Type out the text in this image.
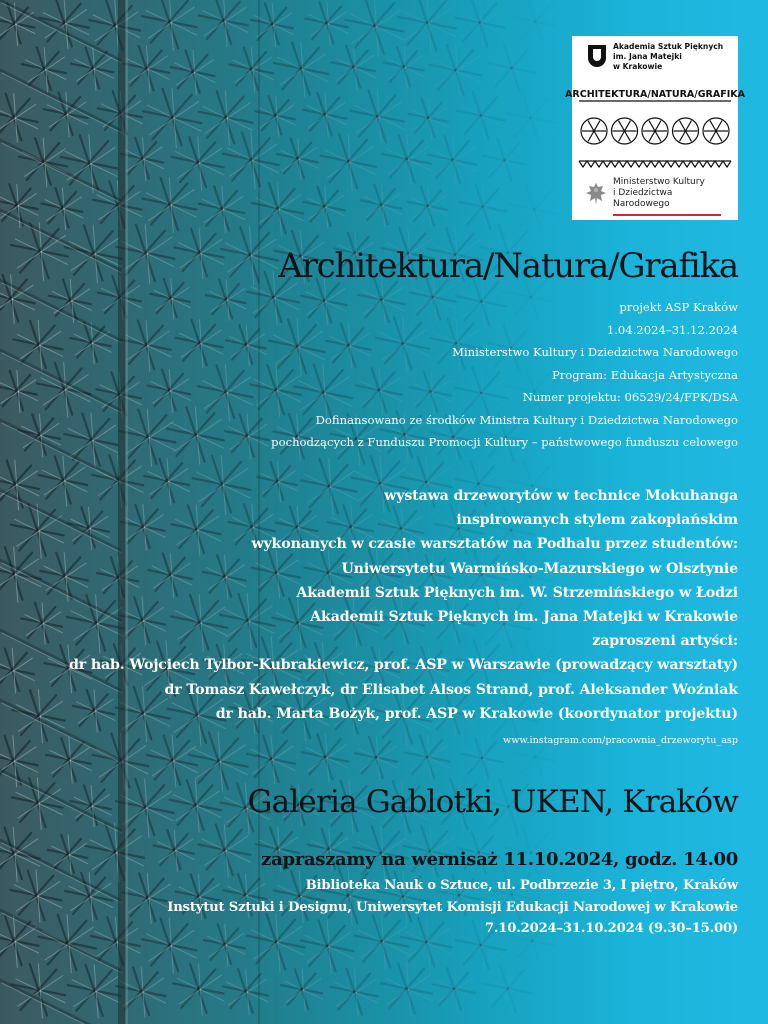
Akademia Sztuk Pięknych
im. Jana Matejki
w Krakowie
ARCHITEKTURA/NATURA/GRAFIKA
Ministerstwo Kultury
i Dziedzictwa Narodowego
Architektura/Natura/Grafika
projekt ASP Kraków
1.04.2024–31.12.2024
Ministerstwo Kultury i Dziedzictwa Narodowego
Program: Edukacja Artystyczna
Numer projektu: 06529/24/FPK/DSA
Dofinansowano ze środków Ministra Kultury i Dziedzictwa Narodowego
pochodzących z Funduszu Promocji Kultury – państwowego funduszu celowego
wystawa drzeworytów w technice Mokuhanga
inspirowanych stylem zakopiańskim
wykonanych w czasie warsztatów na Podhalu przez studentów:
Uniwersytetu Warmińsko-Mazurskiego w Olsztynie
Akademii Sztuk Pięknych im. W. Strzemińskiego w Łodzi
Akademii Sztuk Pięknych im. Jana Matejki w Krakowie
zaproszeni artyści:
dr hab. Wojciech Tylbor-Kubrakiewicz, prof. ASP w Warszawie (prowadzący warsztaty)
dr Tomasz Kawełczyk, dr Elisabet Alsos Strand, prof. Aleksander Woźniak
dr hab. Marta Bożyk, prof. ASP w Krakowie (koordynator projektu)
www.instagram.com/pracownia_drzeworytu_asp
Galeria Gablotki, UKEN, Kraków
zapraszamy na wernisaż 11.10.2024, godz. 14.00
Biblioteka Nauk o Sztuce, ul. Podbrzezie 3, I piętro, Kraków
Instytut Sztuki i Designu, Uniwersytet Komisji Edukacji Narodowej w Krakowie
7.10.2024–31.10.2024 (9.30–15.00)
